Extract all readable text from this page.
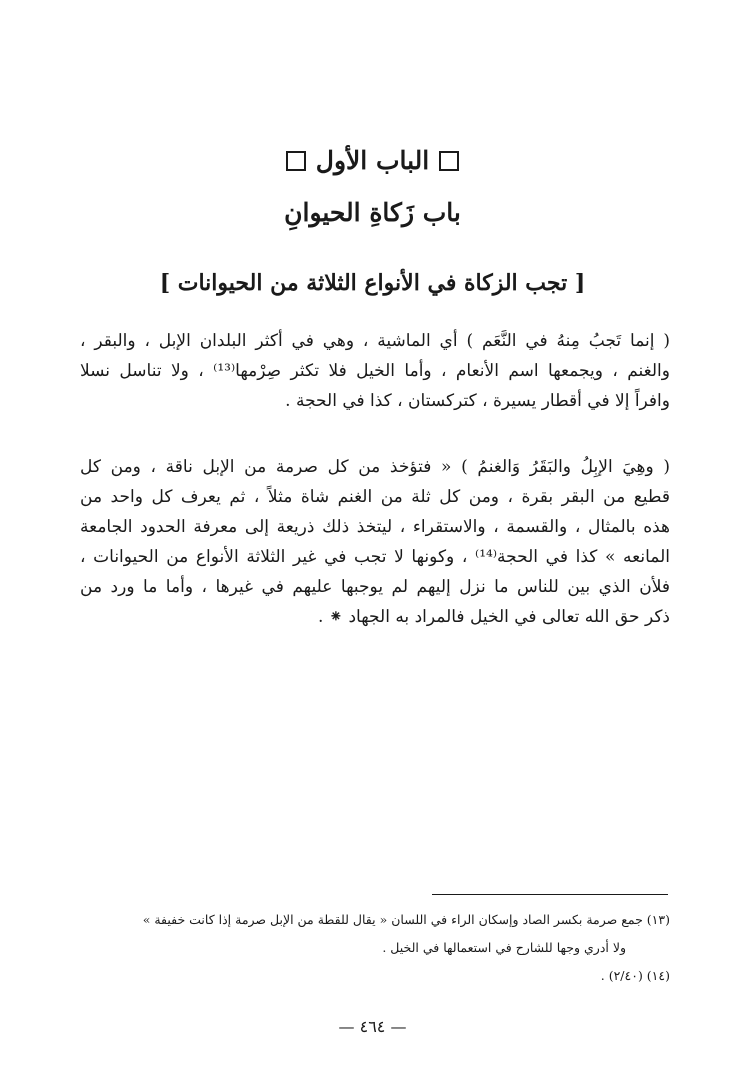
الباب الأول
باب زَكاةِ الحيوانِ
[ تجب الزكاة في الأنواع الثلاثة من الحيوانات ]
( إنما تَجبُ مِنهُ في النَّعَم ) أي الماشية ، وهي في أكثر البلدان الإبل ، والبقر ،
والغنم ، ويجمعها اسم الأنعام ، وأما الخيل فلا تكثر صِرْمها⁽¹³⁾ ، ولا تناسل نسلا
وافراً إلا في أقطار يسيرة ، كتركستان ، كذا في الحجة .
( وهِيَ الإبِلُ والبَقَرُ وَالغنمُ ) « فتؤخذ من كل صرمة من الإبل ناقة ، ومن كل
قطيع من البقر بقرة ، ومن كل ثلة من الغنم شاة مثلاً ، ثم يعرف كل واحد من
هذه بالمثال ، والقسمة ، والاستقراء ، ليتخذ ذلك ذريعة إلى معرفة الحدود الجامعة
المانعه » كذا في الحجة⁽¹⁴⁾ ، وكونها لا تجب في غير الثلاثة الأنواع من الحيوانات ،
فلأن الذي بين للناس ما نزل إليهم لم يوجبها عليهم في غيرها ، وأما ما ورد من
ذكر حق الله تعالى في الخيل فالمراد به الجهاد ⁕ .
(١٣) جمع صرمة بكسر الصاد وإسكان الراء في اللسان « يقال للقطة من الإبل صرمة إذا كانت خفيفة »
ولا أدري وجها للشارح في استعمالها في الخيل .
(١٤) (٢/٤٠) .
— ٤٦٤ —
